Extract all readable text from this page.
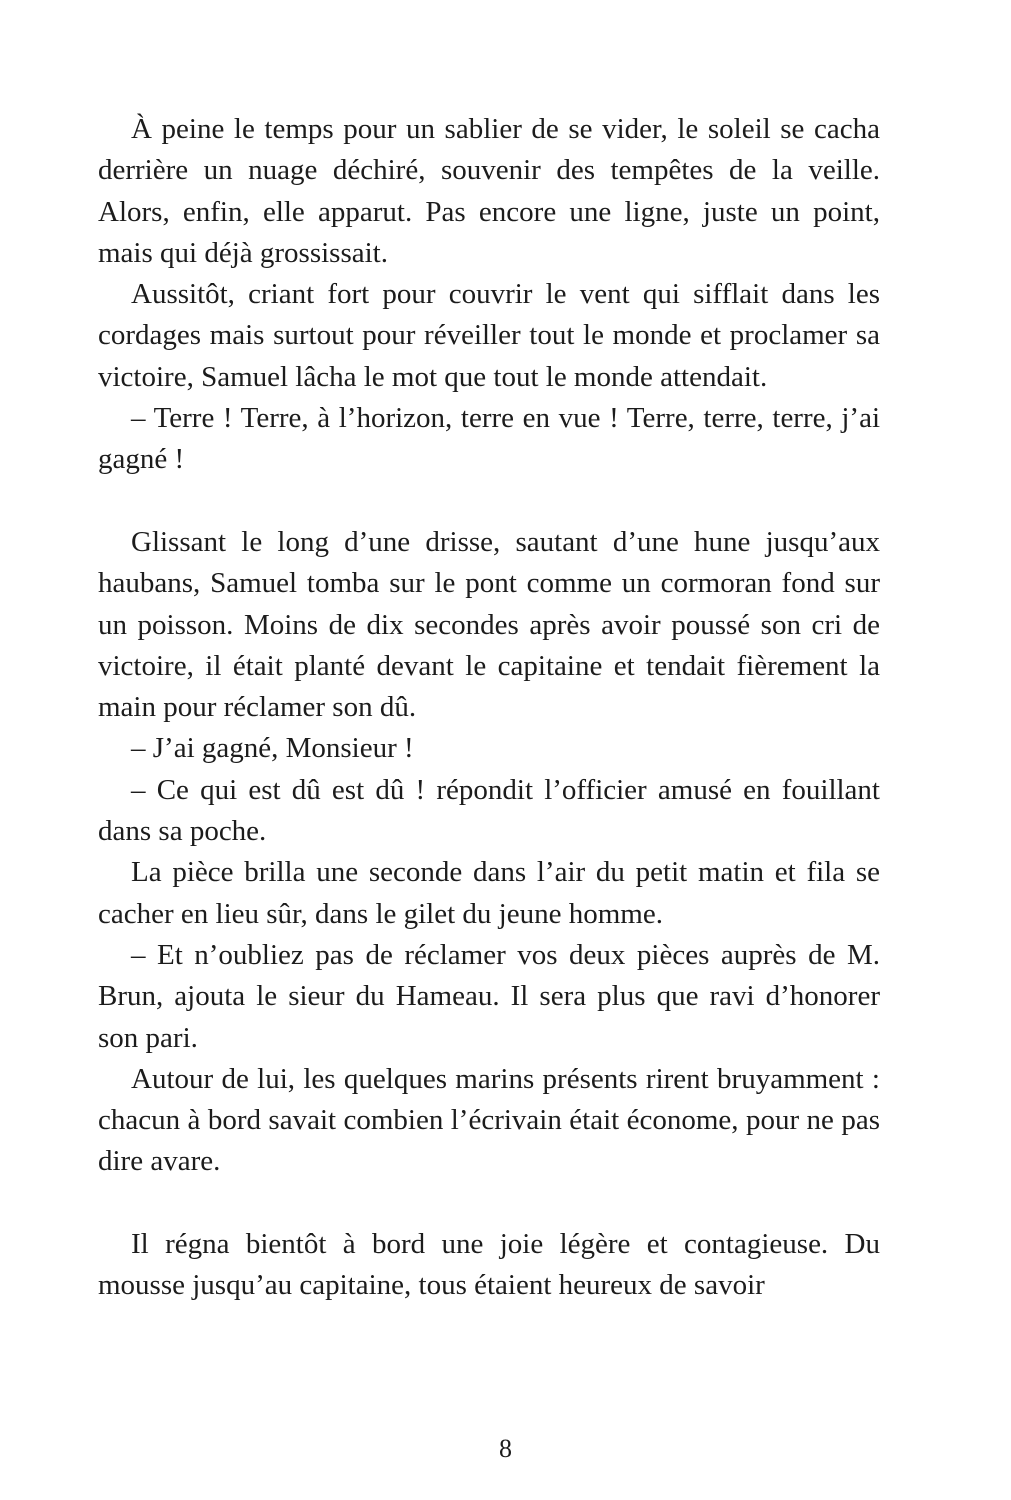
À peine le temps pour un sablier de se vider, le soleil se cacha derrière un nuage déchiré, souvenir des tempêtes de la veille. Alors, enfin, elle apparut. Pas encore une ligne, juste un point, mais qui déjà grossissait.

Aussitôt, criant fort pour couvrir le vent qui sifflait dans les cordages mais surtout pour réveiller tout le monde et proclamer sa victoire, Samuel lâcha le mot que tout le monde attendait.

– Terre ! Terre, à l’horizon, terre en vue ! Terre, terre, terre, j’ai gagné !

Glissant le long d’une drisse, sautant d’une hune jusqu’aux haubans, Samuel tomba sur le pont comme un cormoran fond sur un poisson. Moins de dix secondes après avoir poussé son cri de victoire, il était planté devant le capitaine et tendait fièrement la main pour réclamer son dû.

– J’ai gagné, Monsieur !

– Ce qui est dû est dû ! répondit l’officier amusé en fouillant dans sa poche.

La pièce brilla une seconde dans l’air du petit matin et fila se cacher en lieu sûr, dans le gilet du jeune homme.

– Et n’oubliez pas de réclamer vos deux pièces auprès de M. Brun, ajouta le sieur du Hameau. Il sera plus que ravi d’honorer son pari.

Autour de lui, les quelques marins présents rirent bruyamment : chacun à bord savait combien l’écrivain était économe, pour ne pas dire avare.

Il régna bientôt à bord une joie légère et contagieuse. Du mousse jusqu’au capitaine, tous étaient heureux de savoir

8
